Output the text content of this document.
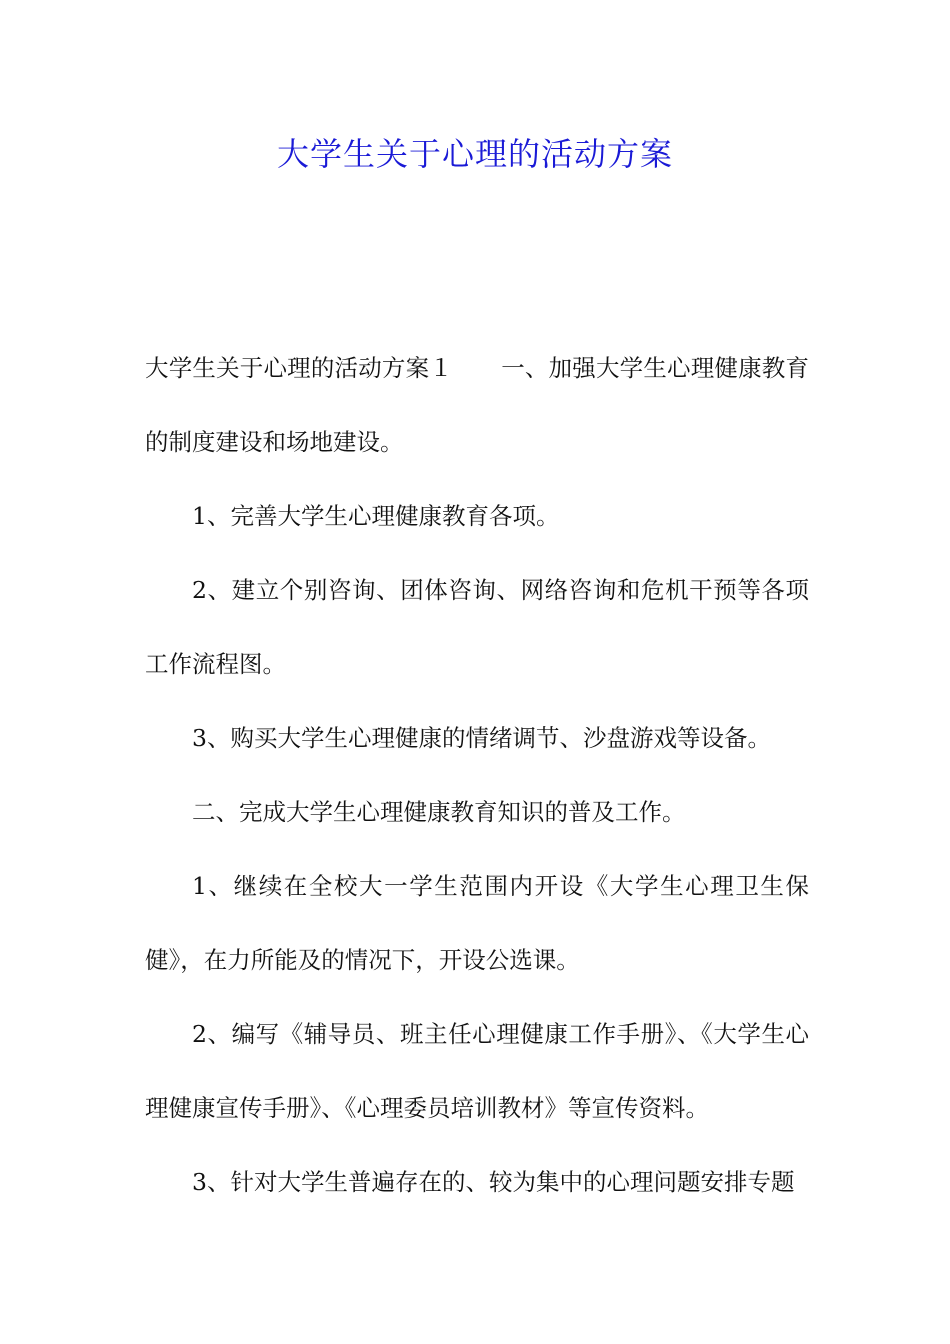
大学生关于心理的活动方案

大学生关于心理的活动方案１ 一、加强大学生心理健康教育的制度建设和场地建设。

1、完善大学生心理健康教育各项。

2、建立个别咨询、团体咨询、网络咨询和危机干预等各项工作流程图。

3、购买大学生心理健康的情绪调节、沙盘游戏等设备。

二、完成大学生心理健康教育知识的普及工作。

1、继续在全校大一学生范围内开设《大学生心理卫生保健》，在力所能及的情况下，开设公选课。

2、编写《辅导员、班主任心理健康工作手册》、《大学生心理健康宣传手册》、《心理委员培训教材》等宣传资料。

3、针对大学生普遍存在的、较为集中的心理问题安排专题
